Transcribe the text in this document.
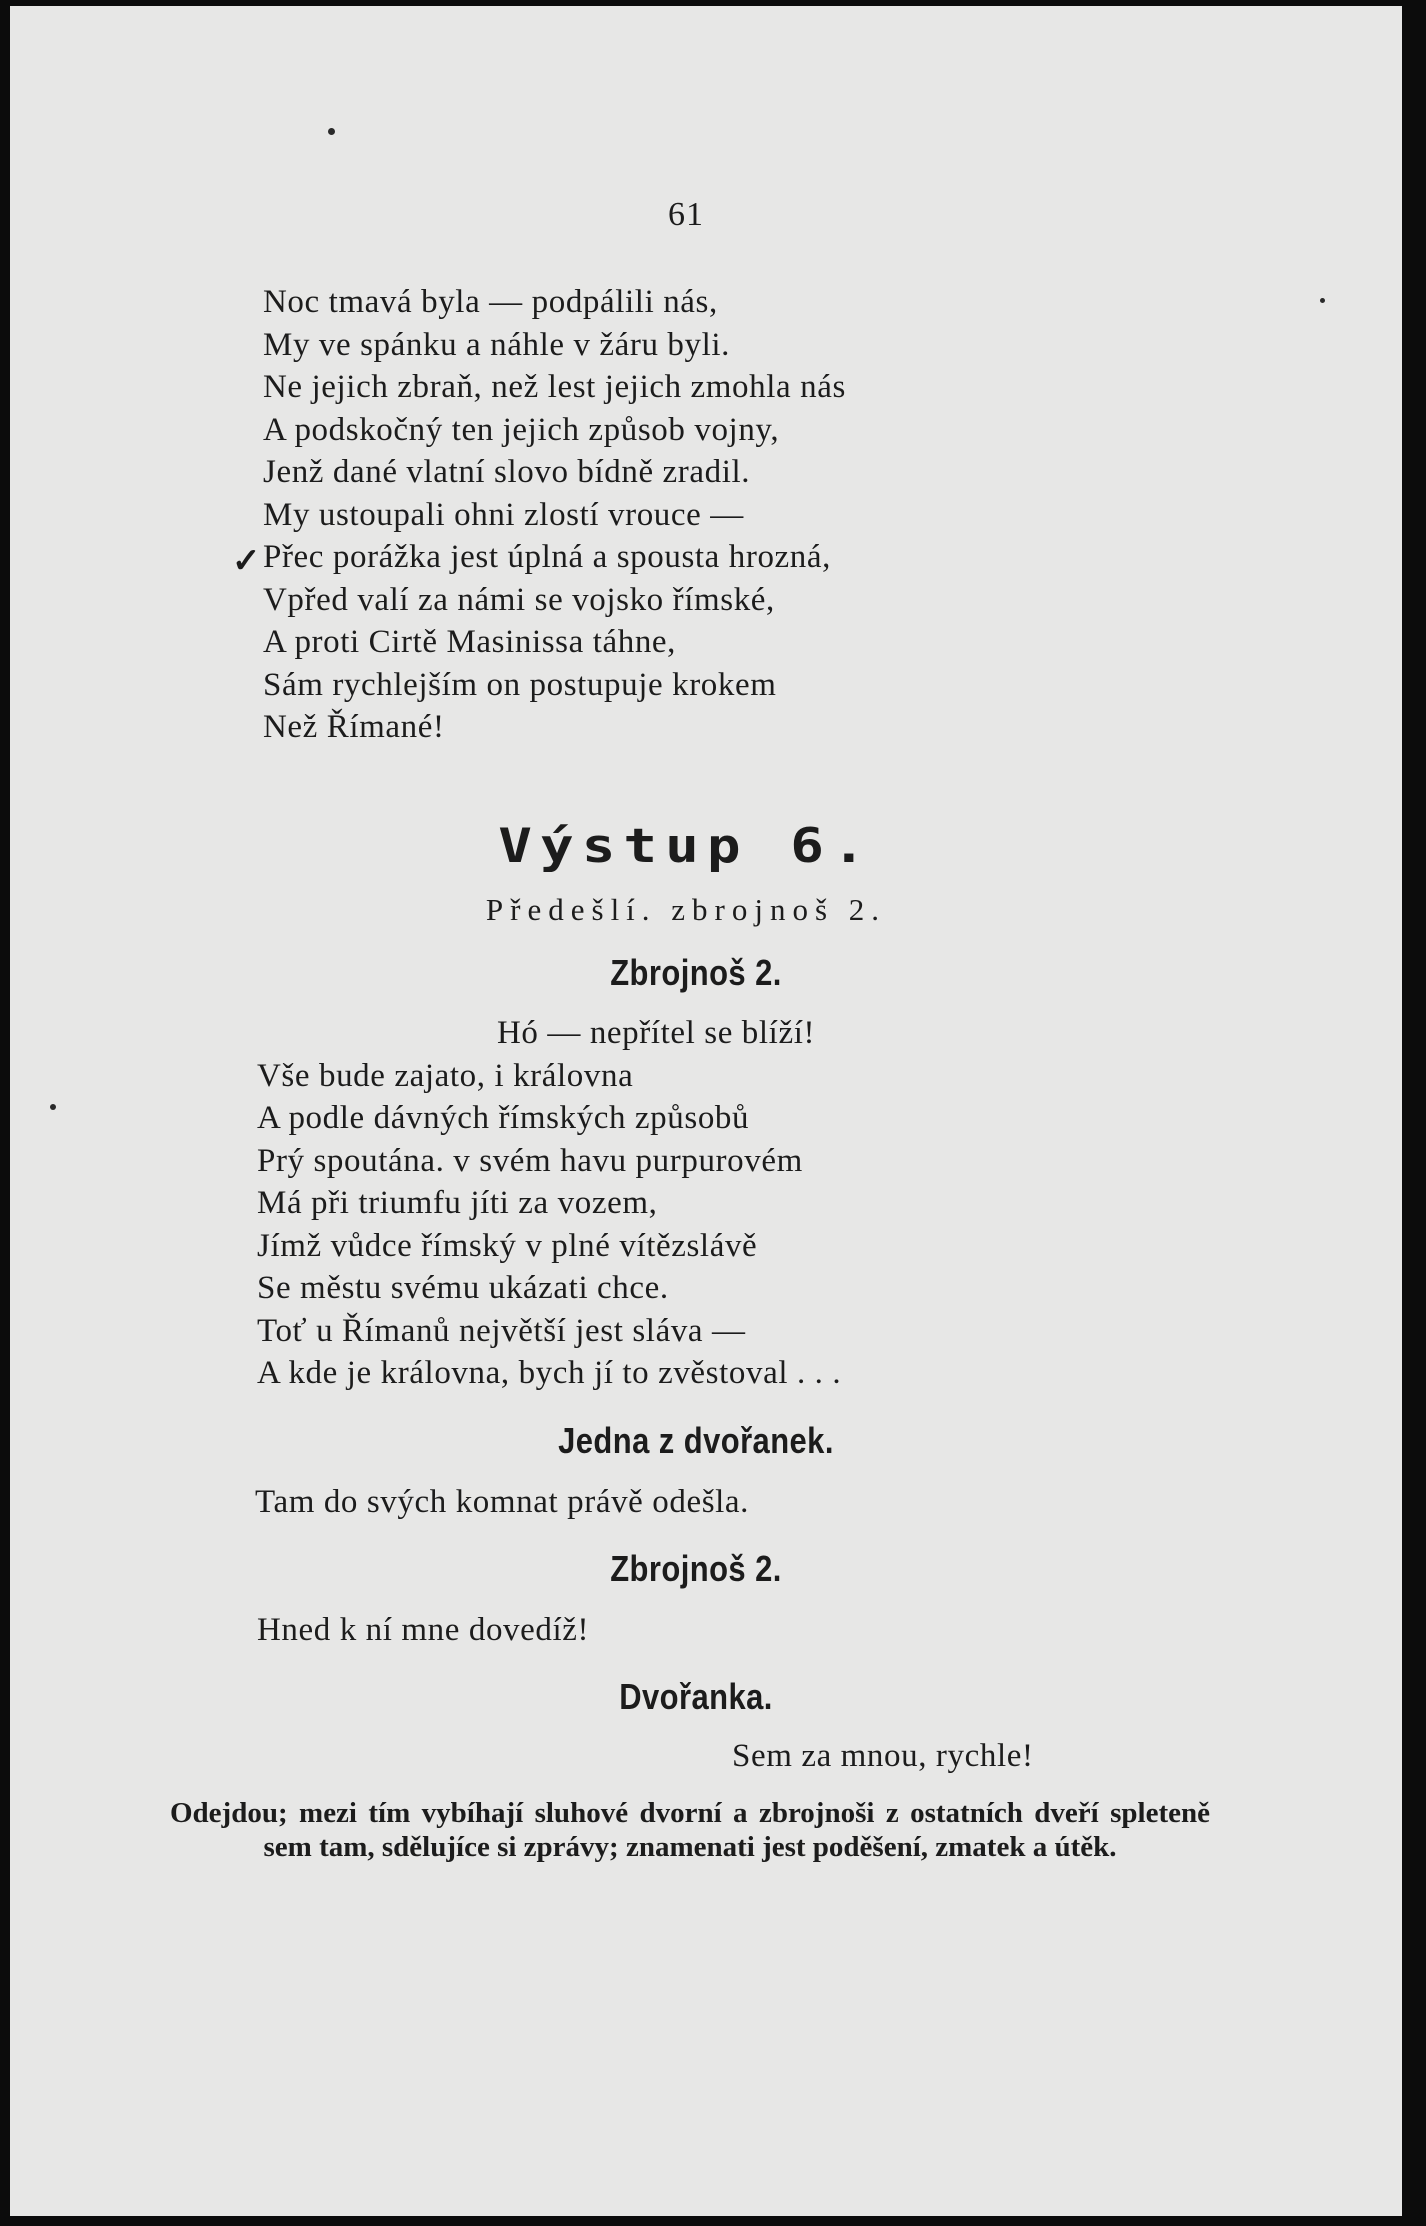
61
✓
Noc tmavá byla — podpálili nás,
My ve spánku a náhle v žáru byli.
Ne jejich zbraň, než lest jejich zmohla nás
A podskočný ten jejich způsob vojny,
Jenž dané vlatní slovo bídně zradil.
My ustoupali ohni zlostí vrouce —
Přec porážka jest úplná a spousta hrozná,
Vpřed valí za námi se vojsko římské,
A proti Cirtě Masinissa táhne,
Sám rychlejším on postupuje krokem
Než Římané!
Výstup 6.
Předešlí. zbrojnoš 2.
Zbrojnoš 2.
Hó — nepřítel se blíží!
Vše bude zajato, i královna
A podle dávných římských způsobů
Prý spoutána. v svém havu purpurovém
Má při triumfu jíti za vozem,
Jímž vůdce římský v plné vítězslávě
Se městu svému ukázati chce.
Toť u Římanů největší jest sláva —
A kde je královna, bych jí to zvěstoval . . .
Jedna z dvořanek.
Tam do svých komnat právě odešla.
Zbrojnoš 2.
Hned k ní mne dovedíž!
Dvořanka.
Sem za mnou, rychle!
Odejdou; mezi tím vybíhají sluhové dvorní a zbrojnoši z ostatních dveří spleteně sem tam, sdělujíce si zprávy; znamenati jest poděšení, zmatek a útěk.
